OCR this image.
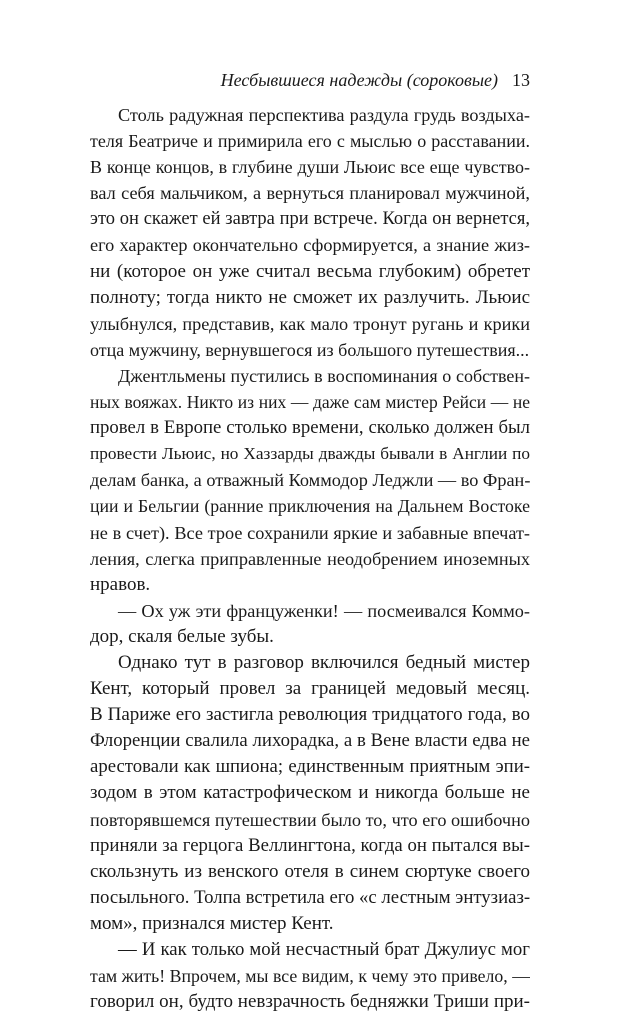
Несбывшиеся надежды (сороковые) 13
Столь радужная перспектива раздула грудь воздыха-
теля Беатриче и примирила его с мыслью о расставании.
В конце концов, в глубине души Льюис все еще чувство-
вал себя мальчиком, а вернуться планировал мужчиной,
это он скажет ей завтра при встрече. Когда он вернется,
его характер окончательно сформируется, а знание жиз-
ни (которое он уже считал весьма глубоким) обретет
полноту; тогда никто не сможет их разлучить. Льюис
улыбнулся, представив, как мало тронут ругань и крики
отца мужчину, вернувшегося из большого путешествия...
Джентльмены пустились в воспоминания о собствен-
ных вояжах. Никто из них — даже сам мистер Рейси — не
провел в Европе столько времени, сколько должен был
провести Льюис, но Хаззарды дважды бывали в Англии по
делам банка, а отважный Коммодор Леджли — во Фран-
ции и Бельгии (ранние приключения на Дальнем Востоке
не в счет). Все трое сохранили яркие и забавные впечат-
ления, слегка приправленные неодобрением иноземных
нравов.
— Ох уж эти француженки! — посмеивался Коммо-
дор, скаля белые зубы.
Однако тут в разговор включился бедный мистер
Кент, который провел за границей медовый месяц.
В Париже его застигла революция тридцатого года, во
Флоренции свалила лихорадка, а в Вене власти едва не
арестовали как шпиона; единственным приятным эпи-
зодом в этом катастрофическом и никогда больше не
повторявшемся путешествии было то, что его ошибочно
приняли за герцога Веллингтона, когда он пытался вы-
скользнуть из венского отеля в синем сюртуке своего
посыльного. Толпа встретила его «с лестным энтузиаз-
мом», признался мистер Кент.
— И как только мой несчастный брат Джулиус мог
там жить! Впрочем, мы все видим, к чему это привело, —
говорил он, будто невзрачность бедняжки Триши при-
